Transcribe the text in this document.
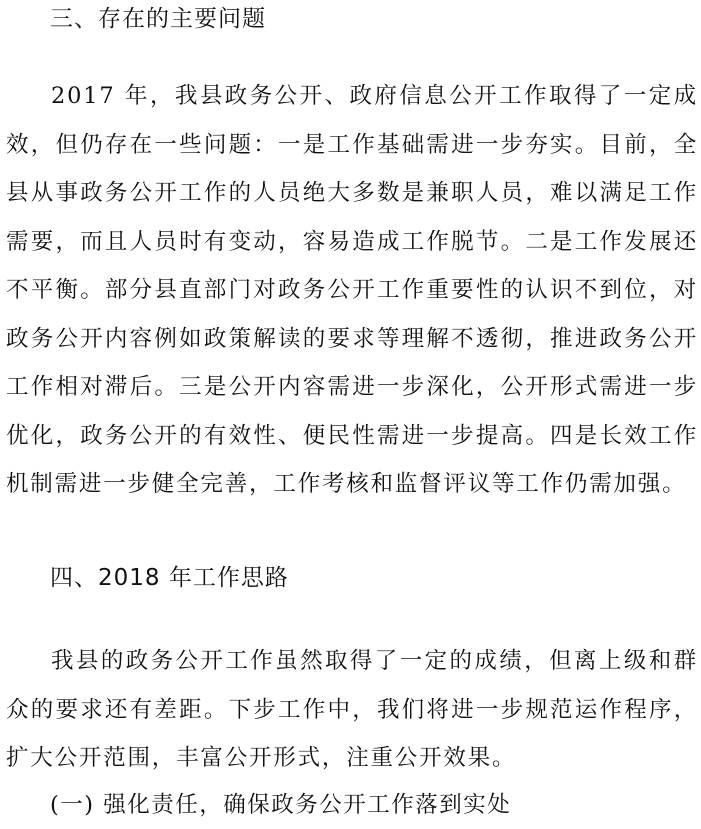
三、存在的主要问题

2017 年，我县政务公开、政府信息公开工作取得了一定成效，但仍存在一些问题：一是工作基础需进一步夯实。目前，全县从事政务公开工作的人员绝大多数是兼职人员，难以满足工作需要，而且人员时有变动，容易造成工作脱节。二是工作发展还不平衡。部分县直部门对政务公开工作重要性的认识不到位，对政务公开内容例如政策解读的要求等理解不透彻，推进政务公开工作相对滞后。三是公开内容需进一步深化，公开形式需进一步优化，政务公开的有效性、便民性需进一步提高。四是长效工作机制需进一步健全完善，工作考核和监督评议等工作仍需加强。

四、2018 年工作思路

我县的政务公开工作虽然取得了一定的成绩，但离上级和群众的要求还有差距。下步工作中，我们将进一步规范运作程序，扩大公开范围，丰富公开形式，注重公开效果。

(一) 强化责任，确保政务公开工作落到实处
